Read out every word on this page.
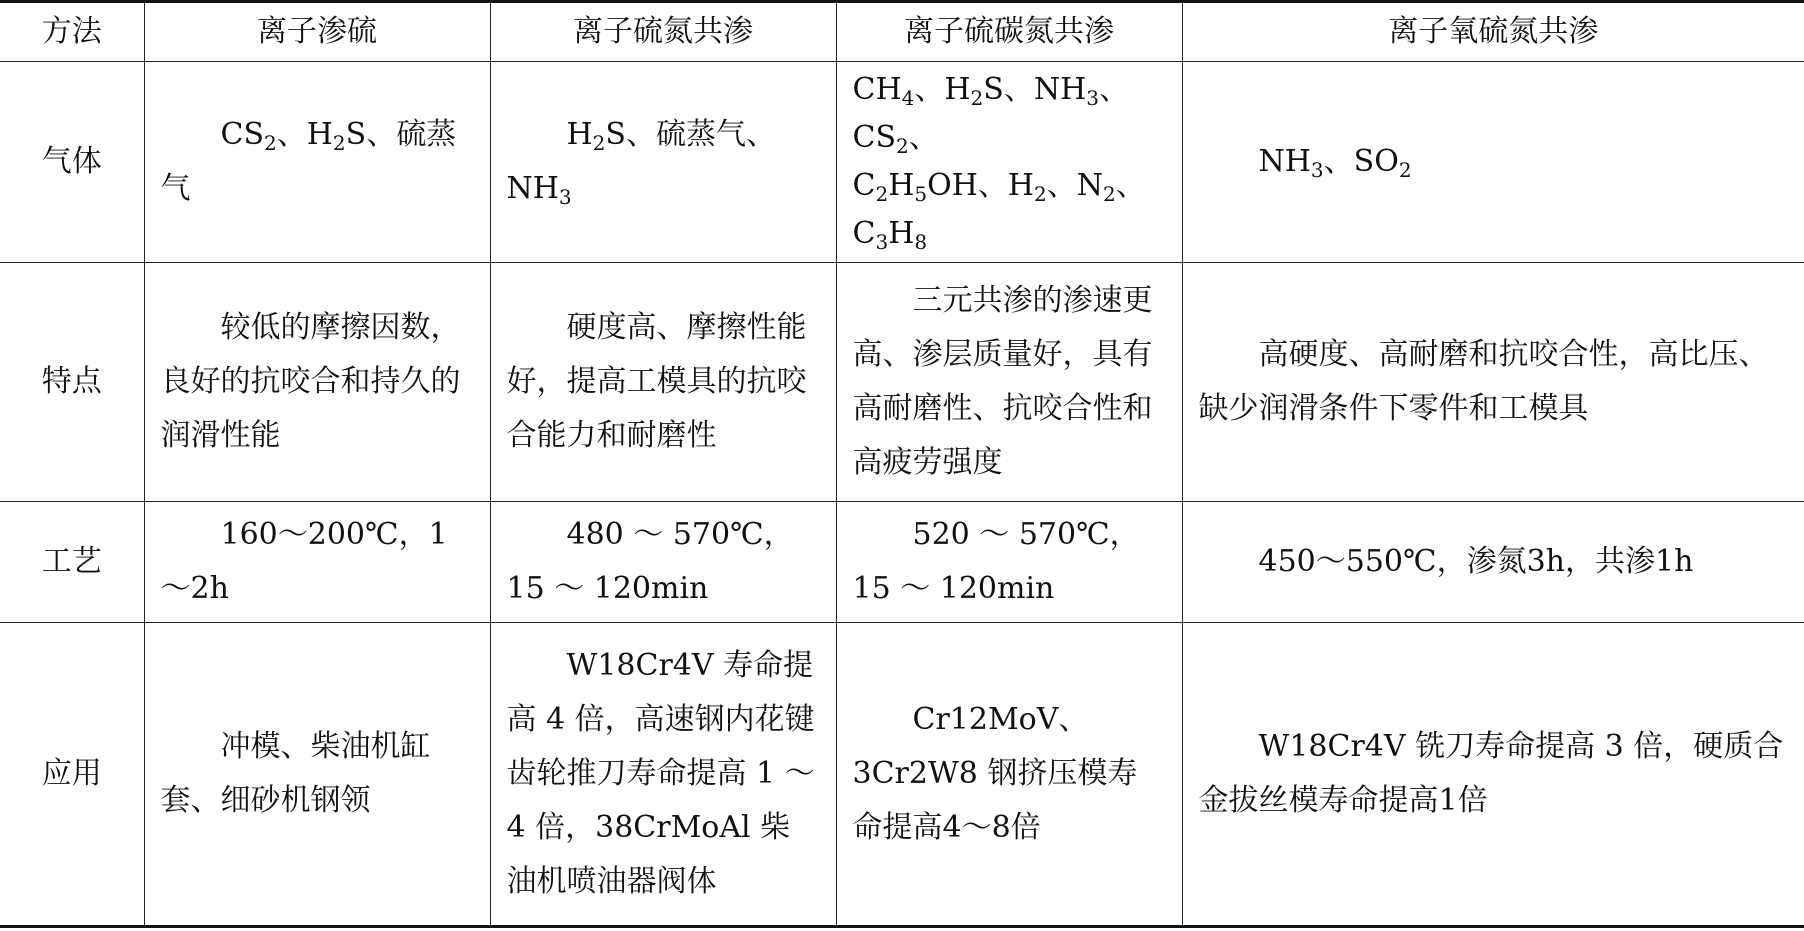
方法	离子渗硫	离子硫氮共渗	离子硫碳氮共渗	离子氧硫氮共渗
气体	$CS_2$、$H_2S$、硫蒸气	$H_2S$、硫蒸气、$NH_3$	$CH_4$、$H_2S$、$NH_3$、$CS_2$、
$C_2H_5OH$、$H_2$、$N_2$、$C_3H_8$	$NH_3$、$SO_2$
特点	较低的摩擦因数，良好的抗咬合和持久的润滑性能	硬度高、摩擦性能好，提高工模具的抗咬合能力和耐磨性	三元共渗的渗速更高、渗层质量好，具有高耐磨性、抗咬合性和高疲劳强度	高硬度、高耐磨和抗咬合性，高比压、缺少润滑条件下零件和工模具
工艺	160～200℃，1～2h	480 ～ 570℃，15 ～ 120min	520 ～ 570℃，15 ～ 120min	450～550℃，渗氮3h，共渗1h
应用	冲模、柴油机缸套、细砂机钢领	W18Cr4V 寿命提高 4 倍，高速钢内花键齿轮推刀寿命提高 1 ～ 4 倍，38CrMoAl 柴油机喷油器阀体	Cr12MoV、3Cr2W8 钢挤压模寿命提高4～8倍	W18Cr4V 铣刀寿命提高 3 倍，硬质合金拔丝模寿命提高1倍
